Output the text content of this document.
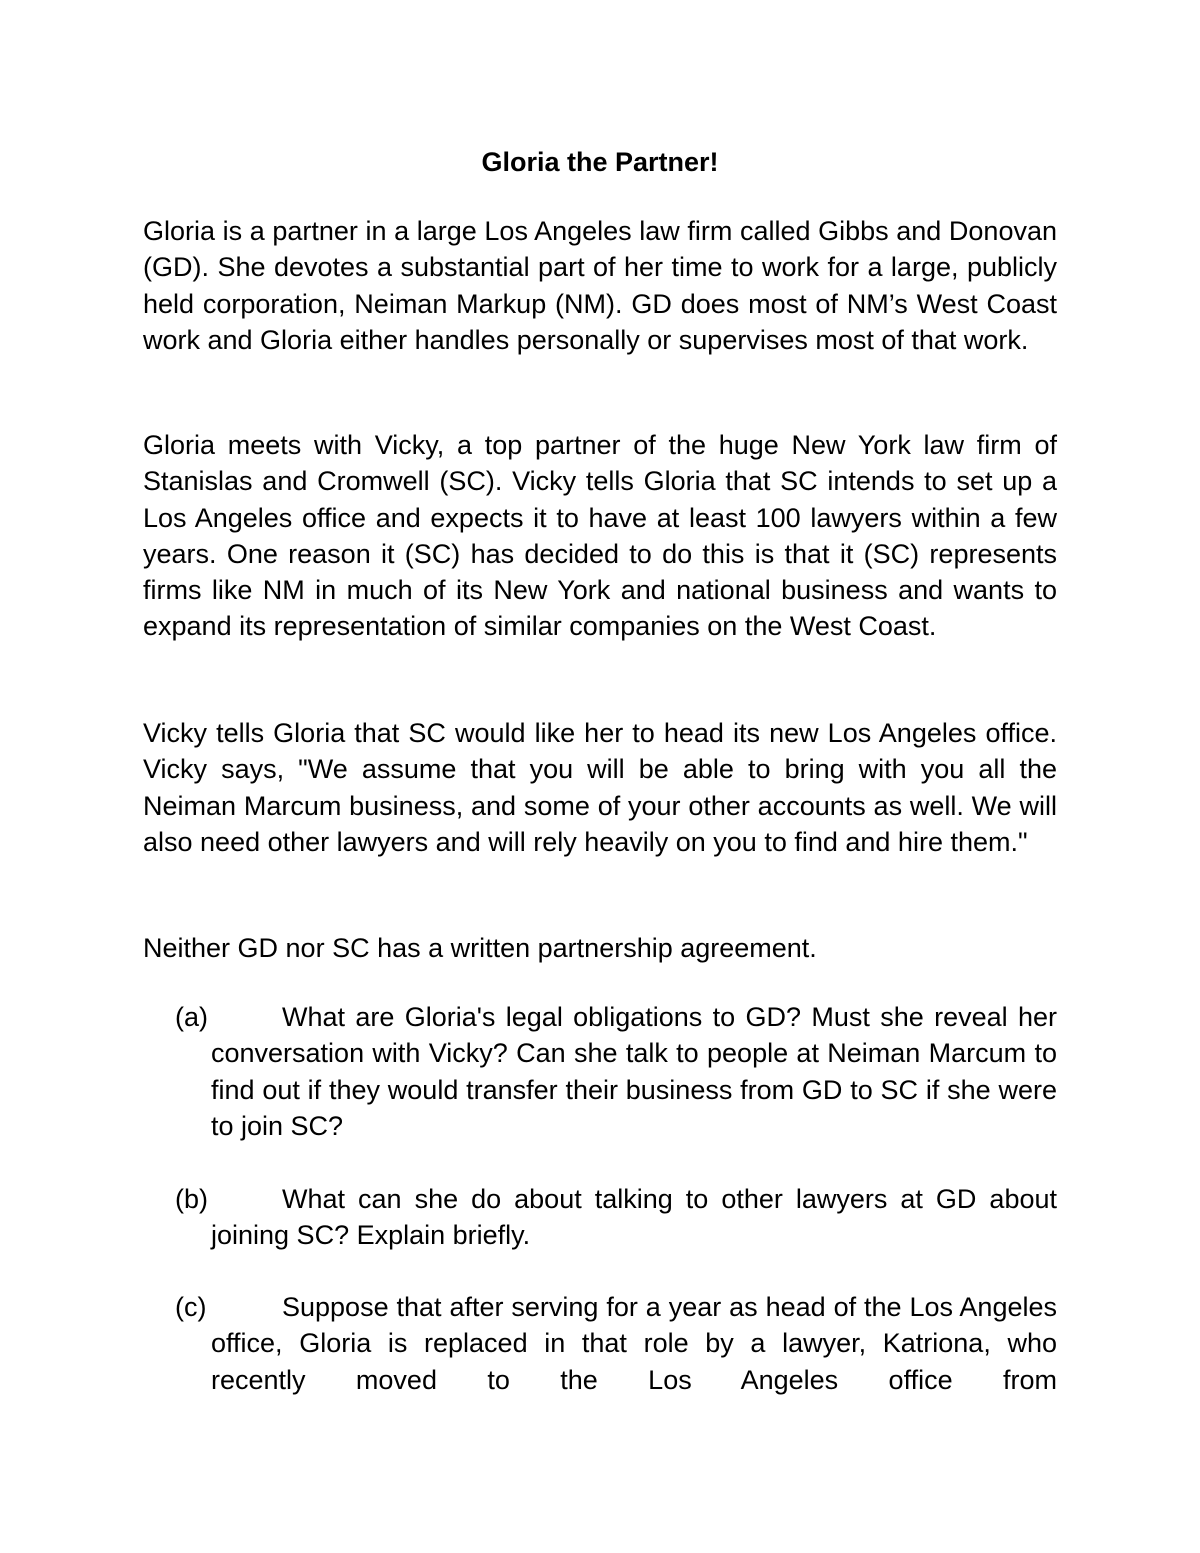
Gloria the Partner!
Gloria is a partner in a large Los Angeles law firm called Gibbs and Donovan (GD). She devotes a substantial part of her time to work for a large, publicly held corporation, Neiman Markup (NM). GD does most of NM’s West Coast work and Gloria either handles personally or supervises most of that work.
Gloria meets with Vicky, a top partner of the huge New York law firm of Stanislas and Cromwell (SC). Vicky tells Gloria that SC intends to set up a Los Angeles office and expects it to have at least 100 lawyers within a few years. One reason it (SC) has decided to do this is that it (SC) represents firms like NM in much of its New York and national business and wants to expand its representation of similar companies on the West Coast.
Vicky tells Gloria that SC would like her to head its new Los Angeles office. Vicky says, "We assume that you will be able to bring with you all the Neiman Marcum business, and some of your other accounts as well. We will also need other lawyers and will rely heavily on you to find and hire them."
Neither GD nor SC has a written partnership agreement.
(a)	What are Gloria's legal obligations to GD? Must she reveal her conversation with Vicky? Can she talk to people at Neiman Marcum to find out if they would transfer their business from GD to SC if she were to join SC?
(b)	What can she do about talking to other lawyers at GD about joining SC? Explain briefly.
(c)	Suppose that after serving for a year as head of the Los Angeles office, Gloria is replaced in that role by a lawyer, Katriona, who recently moved to the Los Angeles office from
